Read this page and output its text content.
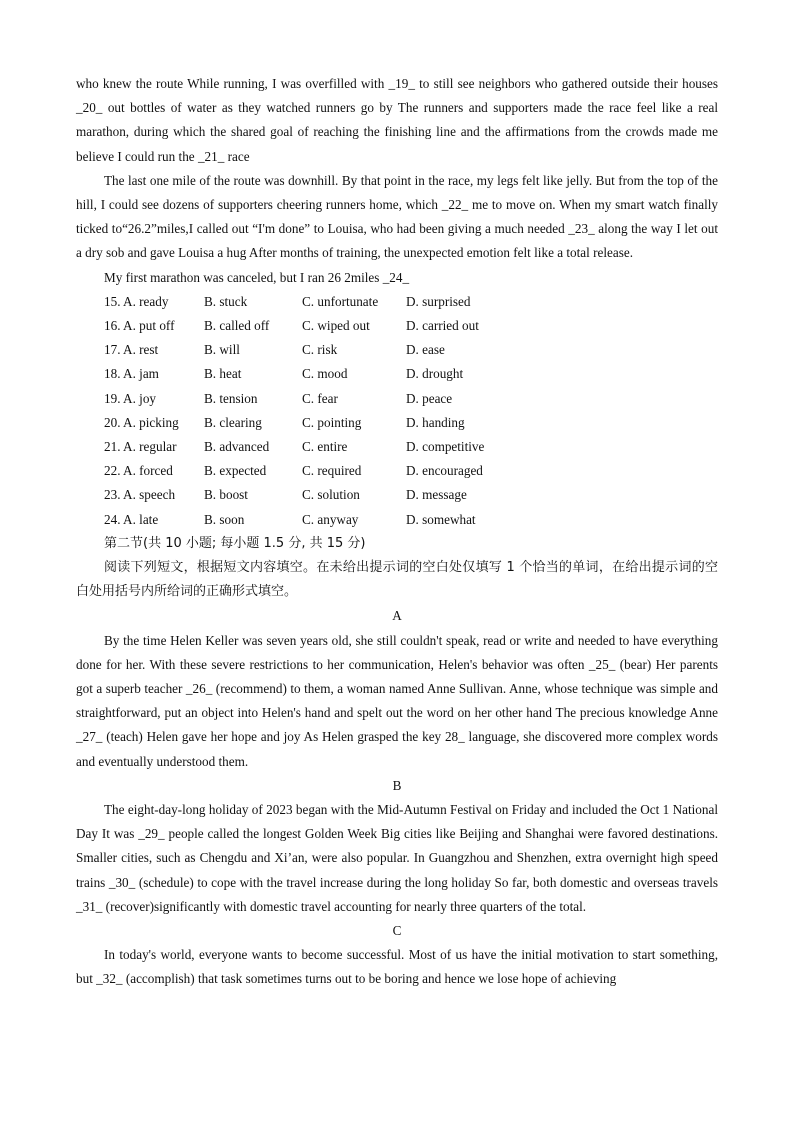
who knew the route While running, I was overfilled with _19_ to still see neighbors who gathered outside their houses _20_ out bottles of water as they watched runners go by The runners and supporters made the race feel like a real marathon, during which the shared goal of reaching the finishing line and the affirmations from the crowds made me believe I could run the _21_ race

The last one mile of the route was downhill. By that point in the race, my legs felt like jelly. But from the top of the hill, I could see dozens of supporters cheering runners home, which _22_ me to move on. When my smart watch finally ticked to“26.2”miles,I called out “I'm done” to Louisa, who had been giving a much needed _23_ along the way I let out a dry sob and gave Louisa a hug After months of training, the unexpected emotion felt like a total release.

My first marathon was canceled, but I ran 26 2miles _24_

15. A. ready	B. stuck	C. unfortunate	D. surprised
16. A. put off	B. called off	C. wiped out	D. carried out
17. A. rest	B. will	C. risk	D. ease
18. A. jam	B. heat	C. mood	D. drought
19. A. joy	B. tension	C. fear	D. peace
20. A. picking	B. clearing	C. pointing	D. handing
21. A. regular	B. advanced	C. entire	D. competitive
22. A. forced	B. expected	C. required	D. encouraged
23. A. speech	B. boost	C. solution	D. message
24. A. late	B. soon	C. anyway	D. somewhat
第二节(共 10 小题; 每小题 1.5 分, 共 15 分)

阅读下列短文，根据短文内容填空。在未给出提示词的空白处仅填写 1 个恰当的单词，在给出提示词的空白处用括号内所给词的正确形式填空。

A

By the time Helen Keller was seven years old, she still couldn't speak, read or write and needed to have everything done for her. With these severe restrictions to her communication, Helen's behavior was often _25_ (bear) Her parents got a superb teacher _26_ (recommend) to them, a woman named Anne Sullivan. Anne, whose technique was simple and straightforward, put an object into Helen's hand and spelt out the word on her other hand The precious knowledge Anne _27_ (teach) Helen gave her hope and joy As Helen grasped the key 28_ language, she discovered more complex words and eventually understood them.

B

The eight-day-long holiday of 2023 began with the Mid-Autumn Festival on Friday and included the Oct 1 National Day It was _29_ people called the longest Golden Week Big cities like Beijing and Shanghai were favored destinations. Smaller cities, such as Chengdu and Xi’an, were also popular. In Guangzhou and Shenzhen, extra overnight high speed trains _30_ (schedule) to cope with the travel increase during the long holiday So far, both domestic and overseas travels _31_ (recover)significantly with domestic travel accounting for nearly three quarters of the total.

C

In today's world, everyone wants to become successful. Most of us have the initial motivation to start something, but _32_ (accomplish) that task sometimes turns out to be boring and hence we lose hope of achieving
